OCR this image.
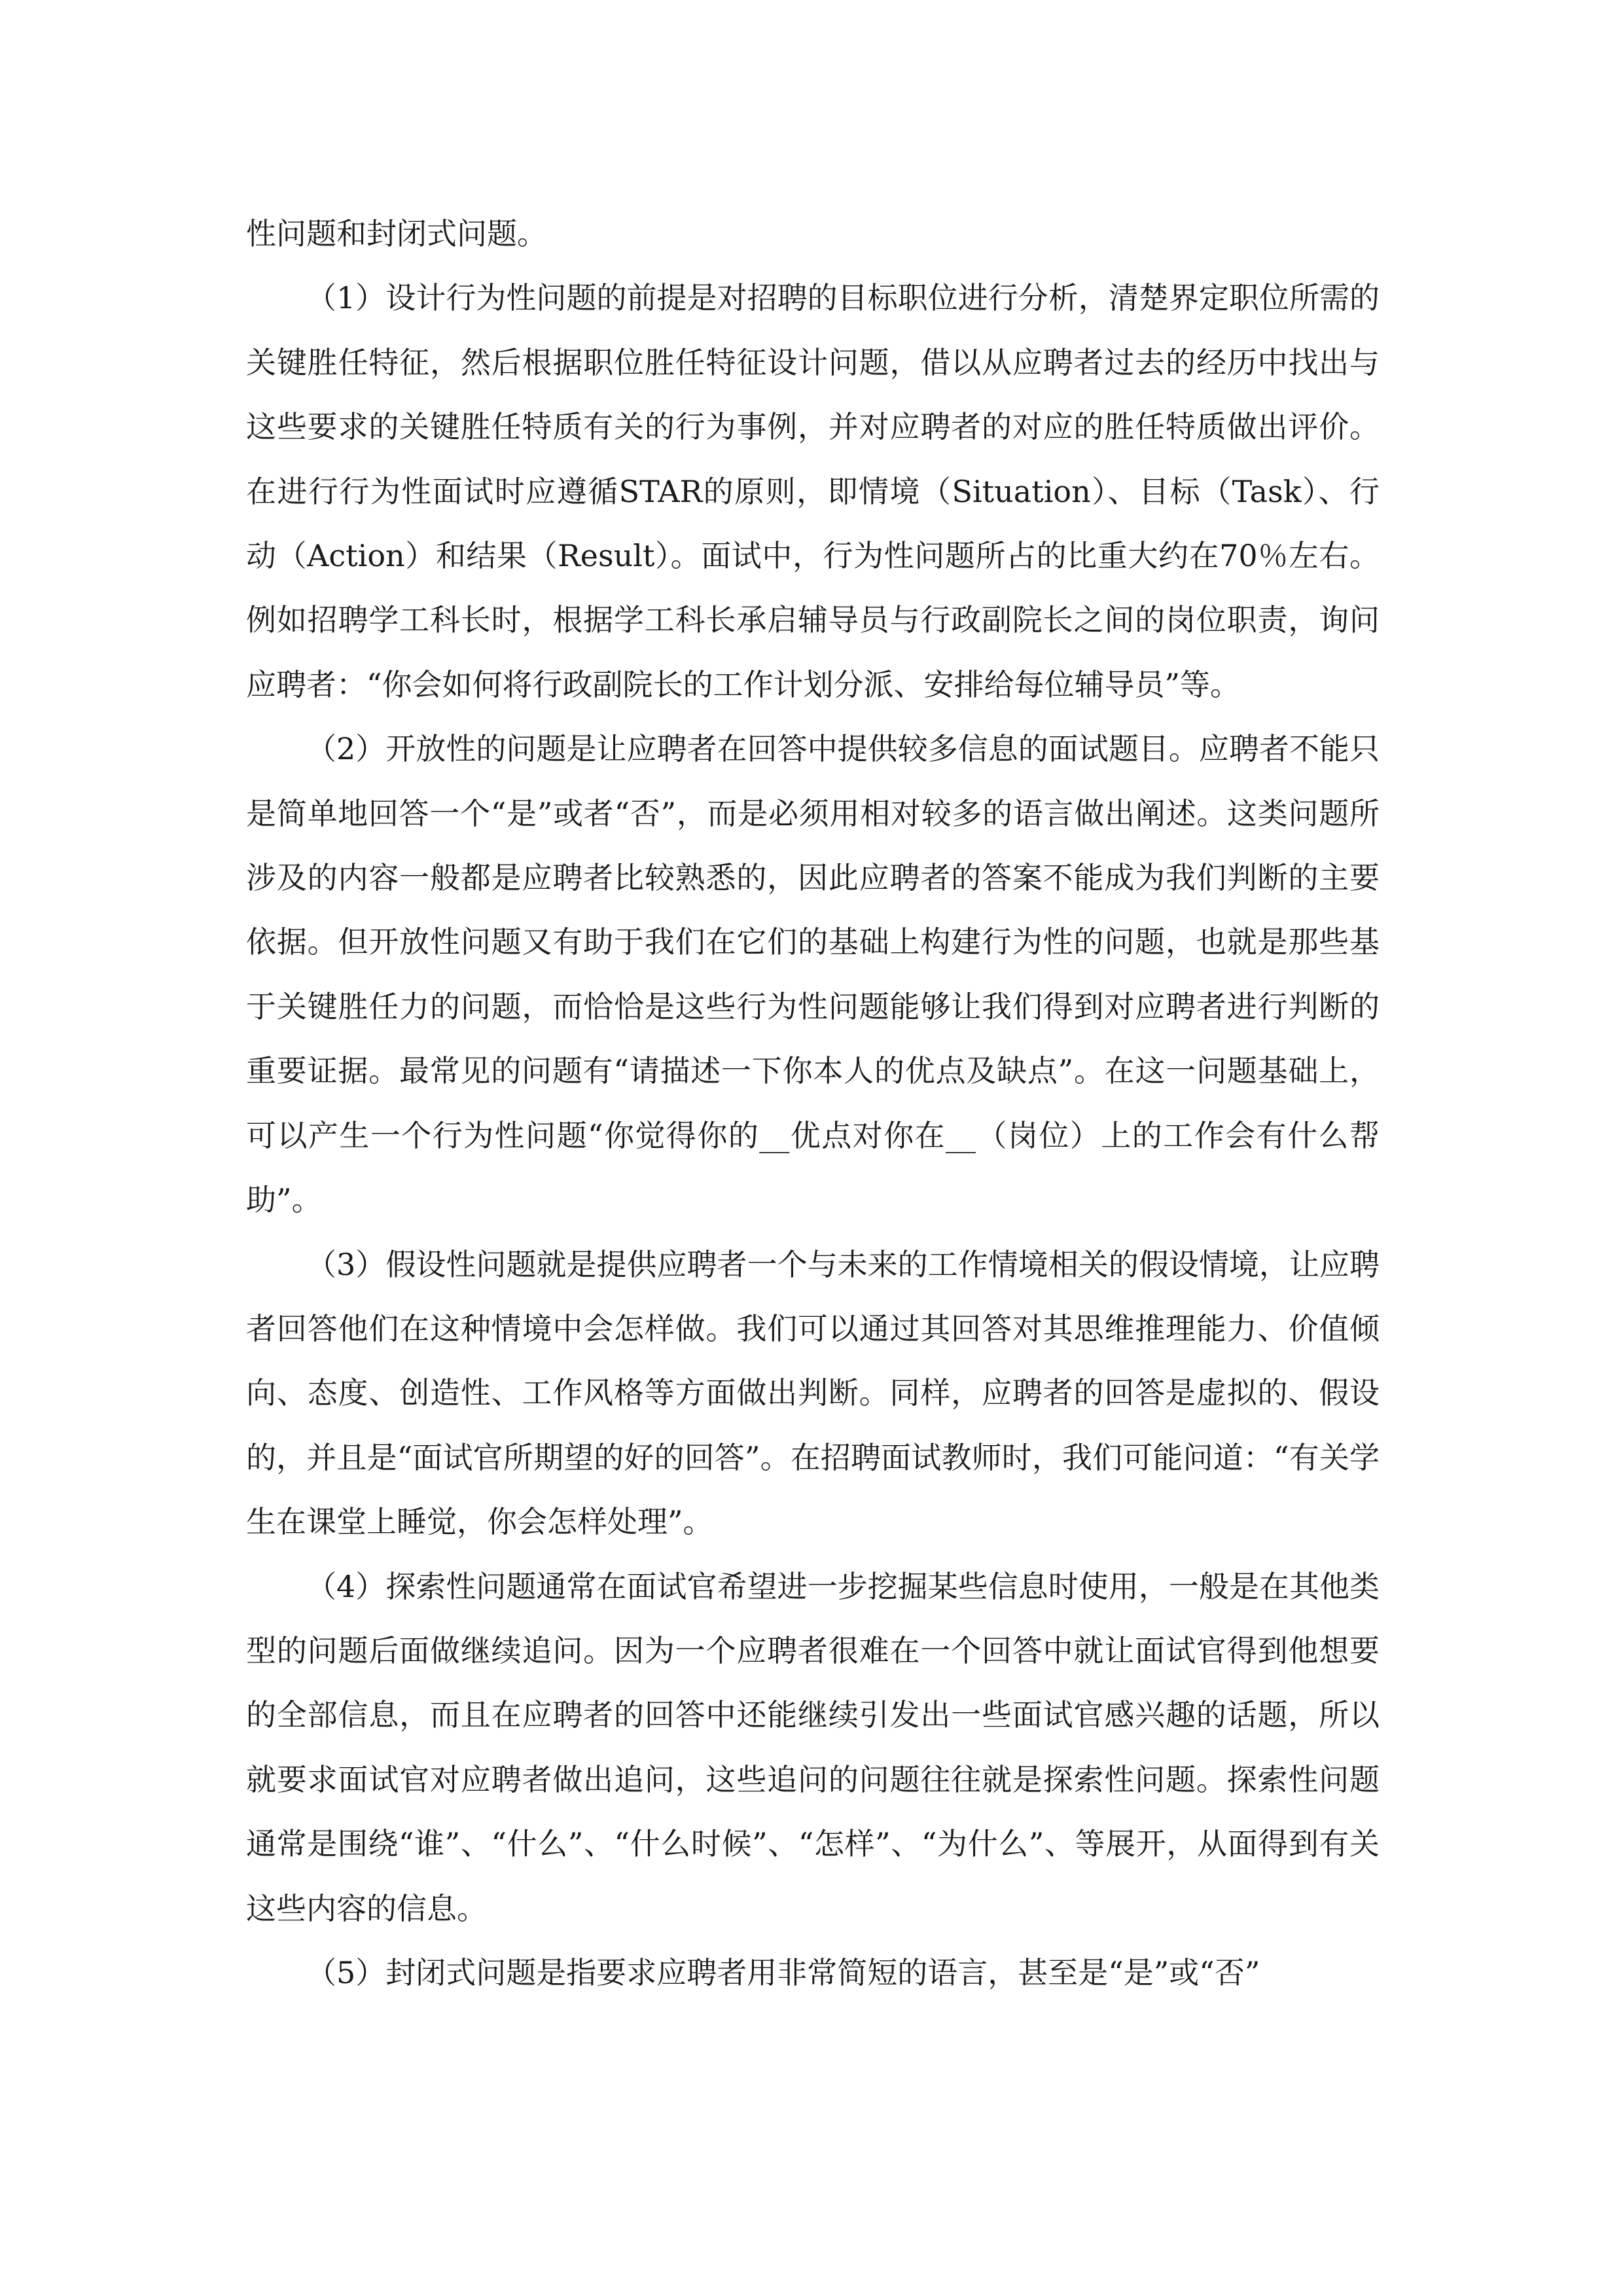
性问题和封闭式问题。

（1）设计行为性问题的前提是对招聘的目标职位进行分析，清楚界定职位所需的关键胜任特征，然后根据职位胜任特征设计问题，借以从应聘者过去的经历中找出与这些要求的关键胜任特质有关的行为事例，并对应聘者的对应的胜任特质做出评价。在进行行为性面试时应遵循STAR的原则，即情境（Situation）、目标（Task）、行动（Action）和结果（Result）。面试中，行为性问题所占的比重大约在70％左右。例如招聘学工科长时，根据学工科长承启辅导员与行政副院长之间的岗位职责，询问应聘者：“你会如何将行政副院长的工作计划分派、安排给每位辅导员”等。

（2）开放性的问题是让应聘者在回答中提供较多信息的面试题目。应聘者不能只是简单地回答一个“是”或者“否”，而是必须用相对较多的语言做出阐述。这类问题所涉及的内容一般都是应聘者比较熟悉的，因此应聘者的答案不能成为我们判断的主要依据。但开放性问题又有助于我们在它们的基础上构建行为性的问题，也就是那些基于关键胜任力的问题，而恰恰是这些行为性问题能够让我们得到对应聘者进行判断的重要证据。最常见的问题有“请描述一下你本人的优点及缺点”。在这一问题基础上，可以产生一个行为性问题“你觉得你的__优点对你在__（岗位）上的工作会有什么帮助”。

（3）假设性问题就是提供应聘者一个与未来的工作情境相关的假设情境，让应聘者回答他们在这种情境中会怎样做。我们可以通过其回答对其思维推理能力、价值倾向、态度、创造性、工作风格等方面做出判断。同样，应聘者的回答是虚拟的、假设的，并且是“面试官所期望的好的回答”。在招聘面试教师时，我们可能问道：“有关学生在课堂上睡觉，你会怎样处理”。

（4）探索性问题通常在面试官希望进一步挖掘某些信息时使用，一般是在其他类型的问题后面做继续追问。因为一个应聘者很难在一个回答中就让面试官得到他想要的全部信息，而且在应聘者的回答中还能继续引发出一些面试官感兴趣的话题，所以就要求面试官对应聘者做出追问，这些追问的问题往往就是探索性问题。探索性问题通常是围绕“谁”、“什么”、“什么时候”、“怎样”、“为什么”、等展开，从面得到有关这些内容的信息。

（5）封闭式问题是指要求应聘者用非常简短的语言，甚至是“是”或“否”
